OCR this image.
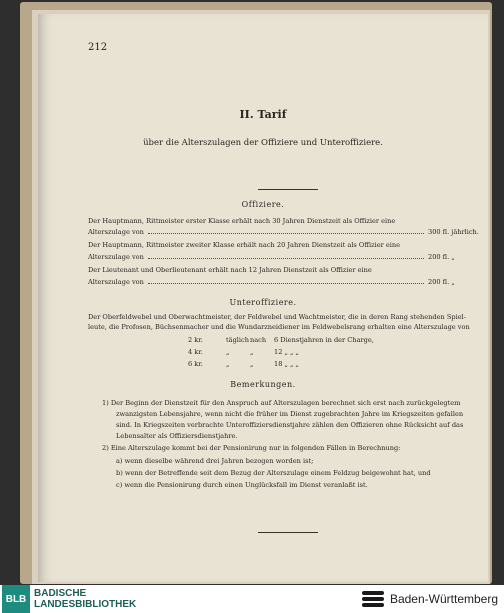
212
II. Tarif
über die Alterszulagen der Offiziere und Unteroffiziere.
Offiziere.
Der Hauptmann, Rittmeister erster Klasse erhält nach 30 Jahren Dienstzeit als Offizier eine
Alterszulage von	300 fl. jährlich.
Der Hauptmann, Rittmeister zweiter Klasse erhält nach 20 Jahren Dienstzeit als Offizier eine
Alterszulage von	200 fl. „
Der Lieutenant und Oberlieutenant erhält nach 12 Jahren Dienstzeit als Offizier eine
Alterszulage von	200 fl. „
Unteroffiziere.
Der Oberfeldwebel und Oberwachtmeister, der Feldwebel und Wachtmeister, die in deren Rang stehenden Spiel-
leute, die Profosen, Büchsenmacher und die Wundarzneidiener im Feldwebelsrang erhalten eine Alterszulage von
2 kr.	täglich nach 6 Dienstjahren in der Charge,
4 kr.	„	„	12 „ „ „
6 kr.	„	„	18 „ „ „
Bemerkungen.
1) Der Beginn der Dienstzeit für den Anspruch auf Alterszulagen berechnet sich erst nach zurückgelegtem
zwanzigsten Lebensjahre, wenn nicht die früher im Dienst zugebrachten Jahre im Kriegszeiten gefallen
sind. In Kriegszeiten verbrachte Unteroffiziersdienstjahre zählen den Offizieren ohne Rücksicht auf das
Lebensalter als Offiziersdienstjahre.
2) Eine Alterszulage kommt bei der Pensionirung nur in folgenden Fällen in Berechnung:
a) wenn dieselbe während drei Jahren bezogen worden ist;
b) wenn der Betreffende seit dem Bezug der Alterszulage einem Feldzug beigewohnt hat, und
c) wenn die Pensionirung durch einen Unglücksfall im Dienst veranlaßt ist.
BLB BADISCHE
LANDESBIBLIOTHEK	Baden-Württemberg
